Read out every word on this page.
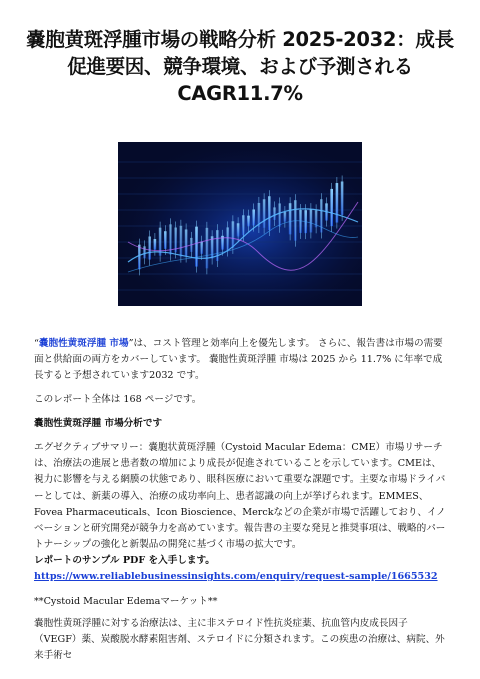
嚢胞黄斑浮腫市場の戦略分析 2025-2032：成長促進要因、競争環境、および予測される CAGR11.7%

“嚢胞性黄斑浮腫 市場”は、コスト管理と効率向上を優先します。 さらに、報告書は市場の需要面と供給面の両方をカバーしています。 嚢胞性黄斑浮腫 市場は 2025 から 11.7% に年率で成長すると予想されています2032 です。

このレポート全体は 168 ページです。

嚢胞性黄斑浮腫 市場分析です

エグゼクティブサマリー：嚢胞状黄斑浮腫（Cystoid Macular Edema：CME）市場リサーチは、治療法の進展と患者数の増加により成長が促進されていることを示しています。CMEは、視力に影響を与える網膜の状態であり、眼科医療において重要な課題です。主要な市場ドライバーとしては、新薬の導入、治療の成功率向上、患者認識の向上が挙げられます。EMMES、Fovea Pharmaceuticals、Icon Bioscience、Merckなどの企業が市場で活躍しており、イノベーションと研究開発が競争力を高めています。報告書の主要な発見と推奨事項は、戦略的パートナーシップの強化と新製品の開発に基づく市場の拡大です。

レポートのサンプル PDF を入手します。 https://www.reliablebusinessinsights.com/enquiry/request-sample/1665532

**Cystoid Macular Edemaマーケット**

嚢胞性黄斑浮腫に対する治療法は、主に非ステロイド性抗炎症薬、抗血管内皮成長因子（VEGF）薬、炭酸脱水酵素阻害剤、ステロイドに分類されます。この疾患の治療は、病院、外来手術セ
